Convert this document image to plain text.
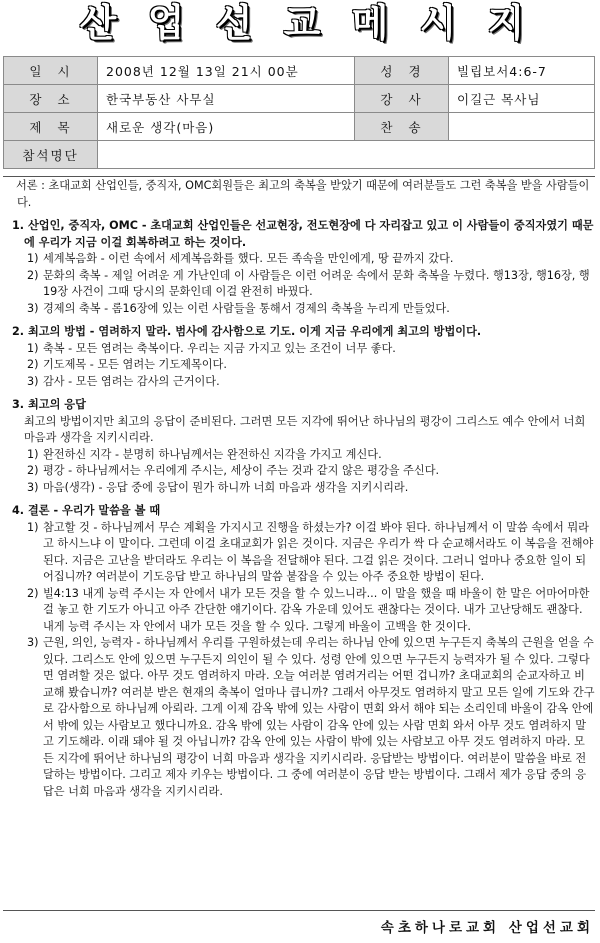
산 업 선 교 메 시 지
일시	2008년 12월 13일 21시 00분	성경	빌립보서4:6-7
장소	한국부동산 사무실	강사	이길근 목사님
제목	새로운 생각(마음)	찬송	
참석명단			

서론 : 초대교회 산업인들, 중직자, OMC회원들은 최고의 축복을 받았기 때문에 여러분들도 그런 축복을 받을 사람들이다.

1. 산업인, 중직자, OMC - 초대교회 산업인들은 선교현장, 전도현장에 다 자리잡고 있고 이 사람들이 중직자였기 때문에 우리가 지금 이걸 회복하려고 하는 것이다.

1) 세계복음화 - 이런 속에서 세계복음화를 했다. 모든 족속을 만인에게, 땅 끝까지 갔다.

2) 문화의 축복 - 제일 어려운 게 가난인데 이 사람들은 이런 어려운 속에서 문화 축복을 누렸다. 행13장, 행16장, 행19장 사건이 그때 당시의 문화인데 이걸 완전히 바꿨다.

3) 경제의 축복 - 롬16장에 있는 이런 사람들을 통해서 경제의 축복을 누리게 만들었다.

2. 최고의 방법 - 염려하지 말라. 범사에 감사함으로 기도. 이게 지금 우리에게 최고의 방법이다.

1) 축복 - 모든 염려는 축복이다. 우리는 지금 가지고 있는 조건이 너무 좋다.

2) 기도제목 - 모든 염려는 기도제목이다.

3) 감사 - 모든 염려는 감사의 근거이다.

3. 최고의 응답
최고의 방법이지만 최고의 응답이 준비된다. 그러면 모든 지각에 뛰어난 하나님의 평강이 그리스도 예수 안에서 너희 마음과 생각을 지키시리라.

1) 완전하신 지각 - 분명히 하나님께서는 완전하신 지각을 가지고 계신다.

2) 평강 - 하나님께서는 우리에게 주시는, 세상이 주는 것과 같지 않은 평강을 주신다.

3) 마음(생각) - 응답 중에 응답이 뭔가 하니까 너희 마음과 생각을 지키시리라.

4. 결론 - 우리가 말씀을 볼 때

1) 참고할 것 - 하나님께서 무슨 계획을 가지시고 진행을 하셨는가? 이걸 봐야 된다. 하나님께서 이 말씀 속에서 뭐라고 하시느냐 이 말이다. 그런데 이걸 초대교회가 읽은 것이다. 지금은 우리가 싹 다 순교해서라도 이 복음을 전해야 된다. 지금은 고난을 받더라도 우리는 이 복음을 전달해야 된다. 그걸 읽은 것이다. 그러니 얼마나 중요한 일이 되어집니까? 여러분이 기도응답 받고 하나님의 말씀 붙잡을 수 있는 아주 중요한 방법이 된다.

2) 빌4:13 내게 능력 주시는 자 안에서 내가 모든 것을 할 수 있느니라... 이 말을 했을 때 바울이 한 말은 어마어마한 걸 놓고 한 기도가 아니고 아주 간단한 얘기이다. 감옥 가운데 있어도 괜찮다는 것이다. 내가 고난당해도 괜찮다. 내게 능력 주시는 자 안에서 내가 모든 것을 할 수 있다. 그렇게 바울이 고백을 한 것이다.

3) 근원, 의인, 능력자 - 하나님께서 우리를 구원하셨는데 우리는 하나님 안에 있으면 누구든지 축복의 근원을 얻을 수 있다. 그리스도 안에 있으면 누구든지 의인이 될 수 있다. 성령 안에 있으면 누구든지 능력자가 될 수 있다. 그렇다면 염려할 것은 없다. 아무 것도 염려하지 마라. 오늘 여러분 염려거리는 어떤 겁니까? 초대교회의 순교자하고 비교해 봤습니까? 여러분 받은 현재의 축복이 얼마나 큽니까? 그래서 아무것도 염려하지 말고 모든 일에 기도와 간구로 감사함으로 하나님께 아뢰라. 그게 이제 감옥 밖에 있는 사람이 면회 와서 해야 되는 소리인데 바울이 감옥 안에서 밖에 있는 사람보고 했다니까요. 감옥 밖에 있는 사람이 감옥 안에 있는 사람 면회 와서 아무 것도 염려하지 말고 기도해라. 이래 돼야 될 것 아닙니까? 감옥 안에 있는 사람이 밖에 있는 사람보고 아무 것도 염려하지 마라. 모든 지각에 뛰어난 하나님의 평강이 너희 마음과 생각을 지키시리라. 응답받는 방법이다. 여러분이 말씀을 바로 전달하는 방법이다. 그리고 제자 키우는 방법이다. 그 중에 여러분이 응답 받는 방법이다. 그래서 제가 응답 중의 응답은 너희 마음과 생각을 지키시리라.

속초하나로교회 산업선교회
